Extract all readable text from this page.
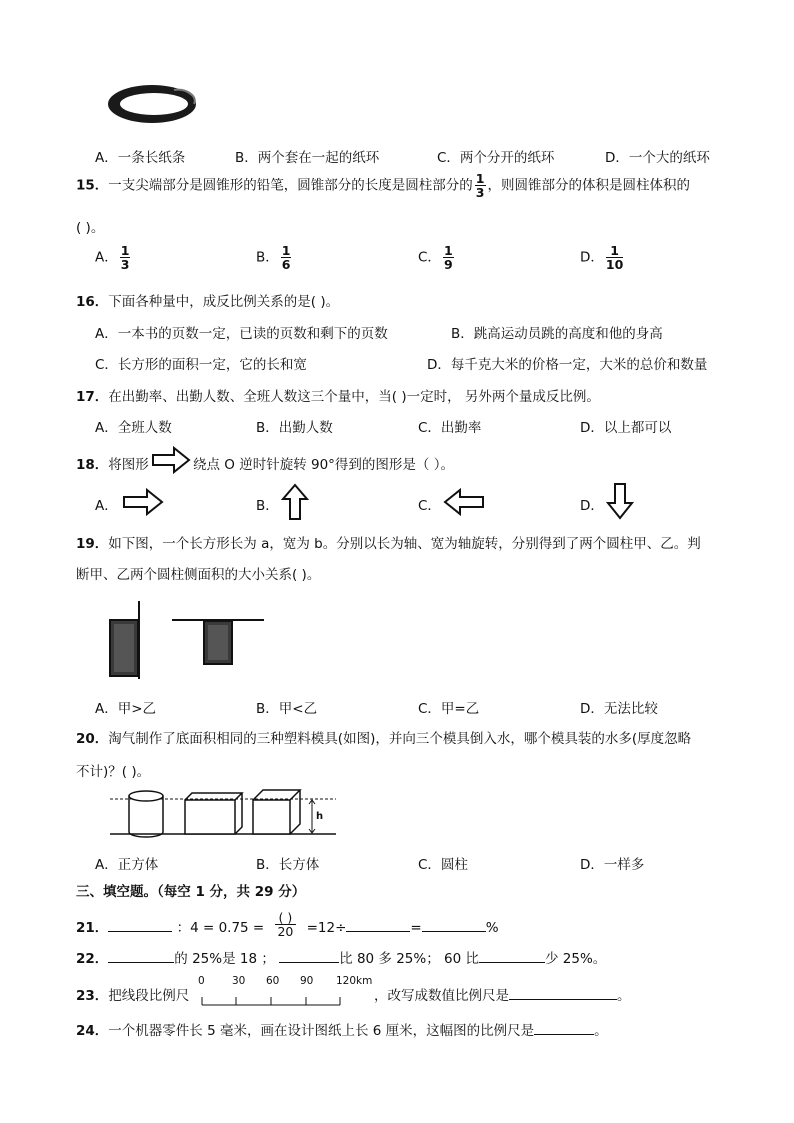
A．一条长纸条	B．两个套在一起的纸环	C．两个分开的纸环	D．一个大的纸环
15．一支尖端部分是圆锥形的铅笔，圆锥部分的长度是圆柱部分的 $\frac{1}{3}$ ，则圆锥部分的体积是圆柱体积的
( )。
A． $\frac{1}{3}$	B． $\frac{1}{6}$	C． $\frac{1}{9}$	D． $\frac{1}{10}$
16．下面各种量中，成反比例关系的是( )。
A．一本书的页数一定，已读的页数和剩下的页数	B．跳高运动员跳的高度和他的身高
C．长方形的面积一定，它的长和宽	D．每千克大米的价格一定，大米的总价和数量
17．在出勤率、出勤人数、全班人数这三个量中，当( )一定时， 另外两个量成反比例。
A．全班人数	B．出勤人数	C．出勤率	D．以上都可以
18．将图形	绕点 O 逆时针旋转 90°得到的图形是（ ）。
A．	B．	C．	D．
19．如下图，一个长方形长为 a，宽为 b。分别以长为轴、宽为轴旋转，分别得到了两个圆柱甲、乙。判
断甲、乙两个圆柱侧面积的大小关系( )。
A．甲>乙	B．甲<乙	C．甲=乙	D．无法比较
20．淘气制作了底面积相同的三种塑料模具(如图)，并向三个模具倒入水，哪个模具装的水多(厚度忽略
不计)？( )。
h
A．正方体	B．长方体	C．圆柱	D．一样多
三、填空题。（每空 1 分，共 29 分）
21．	：$4 = 0.75 = \frac{( )}{20} =12\div$	=	%
22．	的 25%是 18 ；	比 80 多 25%； 60 比	少 25%。
23．把线段比例尺
0	30 60 90 120km
，改写成数值比例尺是	。
24．一个机器零件长 5 毫米，画在设计图纸上长 6 厘米，这幅图的比例尺是	。
